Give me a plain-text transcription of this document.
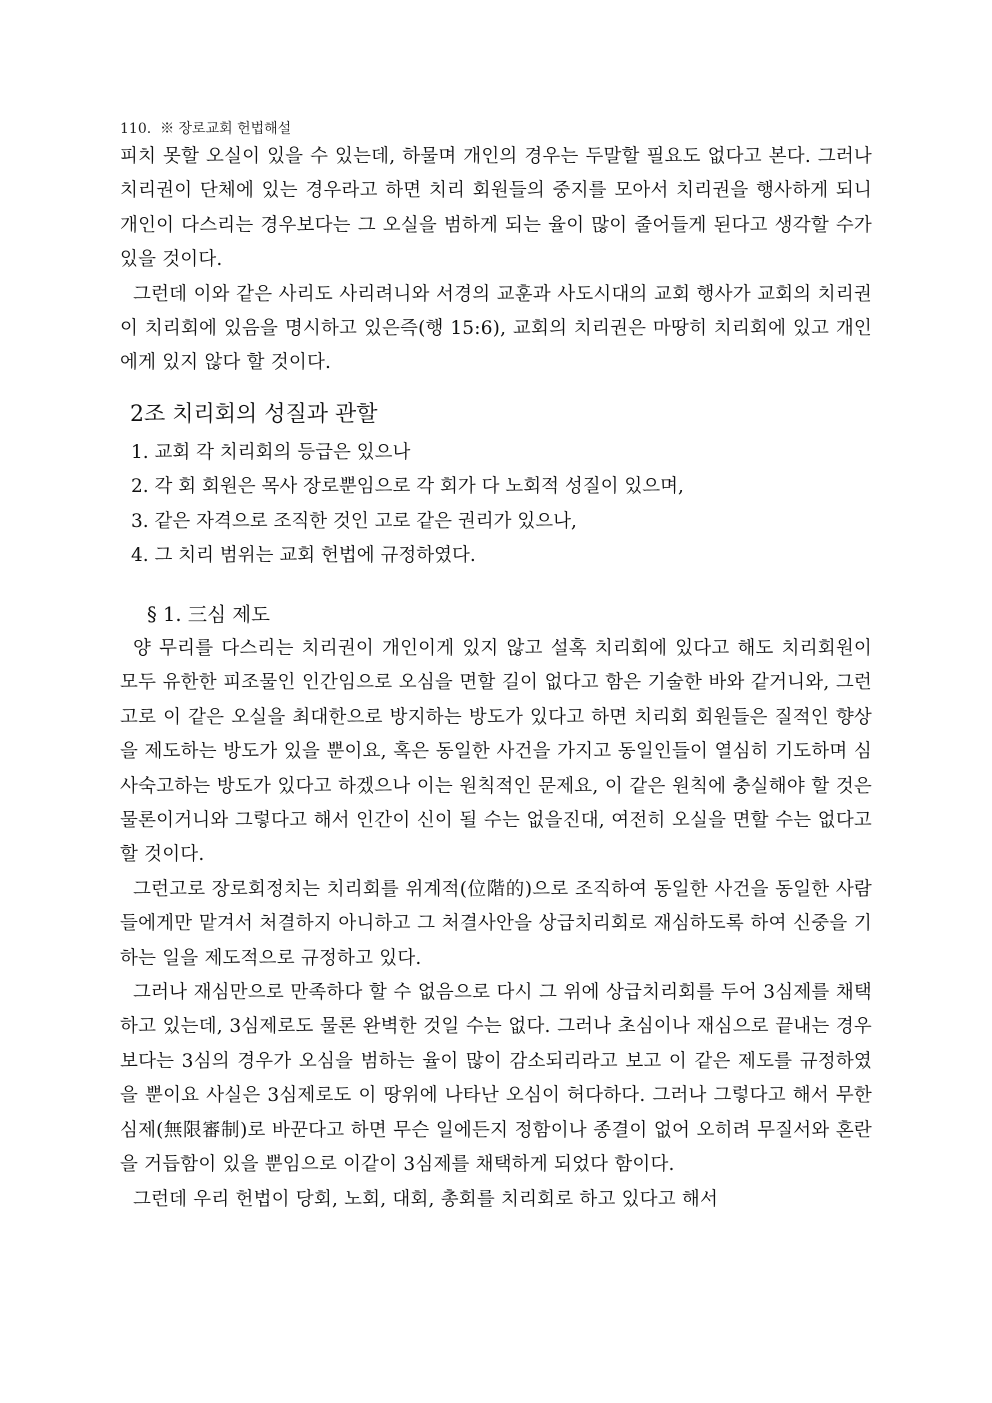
110. ※ 장로교회 헌법해설

피치 못할 오실이 있을 수 있는데, 하물며 개인의 경우는 두말할 필요도 없다고 본다. 그러나 치리권이 단체에 있는 경우라고 하면 치리 회원들의 중지를 모아서 치리권을 행사하게 되니 개인이 다스리는 경우보다는 그 오실을 범하게 되는 율이 많이 줄어들게 된다고 생각할 수가 있을 것이다.

그런데 이와 같은 사리도 사리려니와 서경의 교훈과 사도시대의 교회 행사가 교회의 치리권이 치리회에 있음을 명시하고 있은즉(행 15:6), 교회의 치리권은 마땅히 치리회에 있고 개인에게 있지 않다 할 것이다.

2조 치리회의 성질과 관할
1. 교회 각 치리회의 등급은 있으나
2. 각 회 회원은 목사 장로뿐임으로 각 회가 다 노회적 성질이 있으며,
3. 같은 자격으로 조직한 것인 고로 같은 권리가 있으나,
4. 그 치리 범위는 교회 헌법에 규정하였다.
§ 1. 三심 제도

양 무리를 다스리는 치리권이 개인이게 있지 않고 설혹 치리회에 있다고 해도 치리회원이 모두 유한한 피조물인 인간임으로 오심을 면할 길이 없다고 함은 기술한 바와 같거니와, 그런고로 이 같은 오실을 최대한으로 방지하는 방도가 있다고 하면 치리회 회원들은 질적인 향상을 제도하는 방도가 있을 뿐이요, 혹은 동일한 사건을 가지고 동일인들이 열심히 기도하며 심사숙고하는 방도가 있다고 하겠으나 이는 원칙적인 문제요, 이 같은 원칙에 충실해야 할 것은 물론이거니와 그렇다고 해서 인간이 신이 될 수는 없을진대, 여전히 오실을 면할 수는 없다고 할 것이다.

그런고로 장로회정치는 치리회를 위계적(位階的)으로 조직하여 동일한 사건을 동일한 사람들에게만 맡겨서 처결하지 아니하고 그 처결사안을 상급치리회로 재심하도록 하여 신중을 기하는 일을 제도적으로 규정하고 있다.

그러나 재심만으로 만족하다 할 수 없음으로 다시 그 위에 상급치리회를 두어 3심제를 채택하고 있는데, 3심제로도 물론 완벽한 것일 수는 없다. 그러나 초심이나 재심으로 끝내는 경우보다는 3심의 경우가 오심을 범하는 율이 많이 감소되리라고 보고 이 같은 제도를 규정하였을 뿐이요 사실은 3심제로도 이 땅위에 나타난 오심이 허다하다. 그러나 그렇다고 해서 무한심제(無限審制)로 바꾼다고 하면 무슨 일에든지 정함이나 종결이 없어 오히려 무질서와 혼란을 거듭함이 있을 뿐임으로 이같이 3심제를 채택하게 되었다 함이다.

그런데 우리 헌법이 당회, 노회, 대회, 총회를 치리회로 하고 있다고 해서
